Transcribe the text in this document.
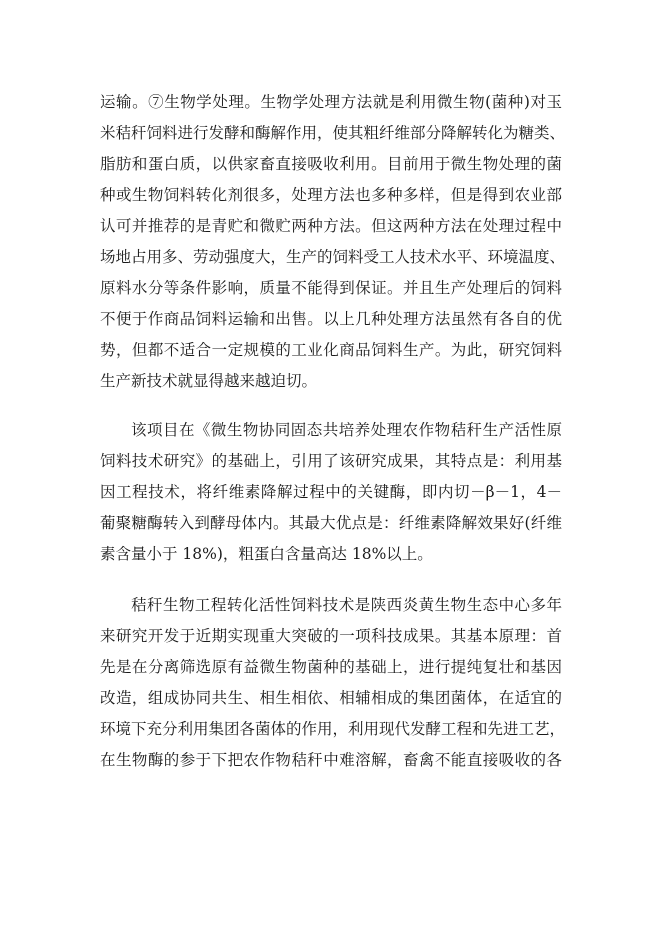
运输。⑦生物学处理。生物学处理方法就是利用微生物(菌种)对玉
米秸秆饲料进行发酵和酶解作用，使其粗纤维部分降解转化为糖类、
脂肪和蛋白质，以供家畜直接吸收利用。目前用于微生物处理的菌
种或生物饲料转化剂很多，处理方法也多种多样，但是得到农业部
认可并推荐的是青贮和微贮两种方法。但这两种方法在处理过程中
场地占用多、劳动强度大，生产的饲料受工人技术水平、环境温度、
原料水分等条件影响，质量不能得到保证。并且生产处理后的饲料
不便于作商品饲料运输和出售。以上几种处理方法虽然有各自的优
势，但都不适合一定规模的工业化商品饲料生产。为此，研究饲料
生产新技术就显得越来越迫切。
该项目在《微生物协同固态共培养处理农作物秸秆生产活性原
饲料技术研究》的基础上，引用了该研究成果，其特点是：利用基
因工程技术，将纤维素降解过程中的关键酶，即内切－β－1，4－
葡聚糖酶转入到酵母体内。其最大优点是：纤维素降解效果好(纤维
素含量小于 18%)，粗蛋白含量高达 18%以上。
秸秆生物工程转化活性饲料技术是陕西炎黄生物生态中心多年
来研究开发于近期实现重大突破的一项科技成果。其基本原理：首
先是在分离筛选原有益微生物菌种的基础上，进行提纯复壮和基因
改造，组成协同共生、相生相依、相辅相成的集团菌体，在适宜的
环境下充分利用集团各菌体的作用，利用现代发酵工程和先进工艺，
在生物酶的参于下把农作物秸秆中难溶解，畜禽不能直接吸收的各
